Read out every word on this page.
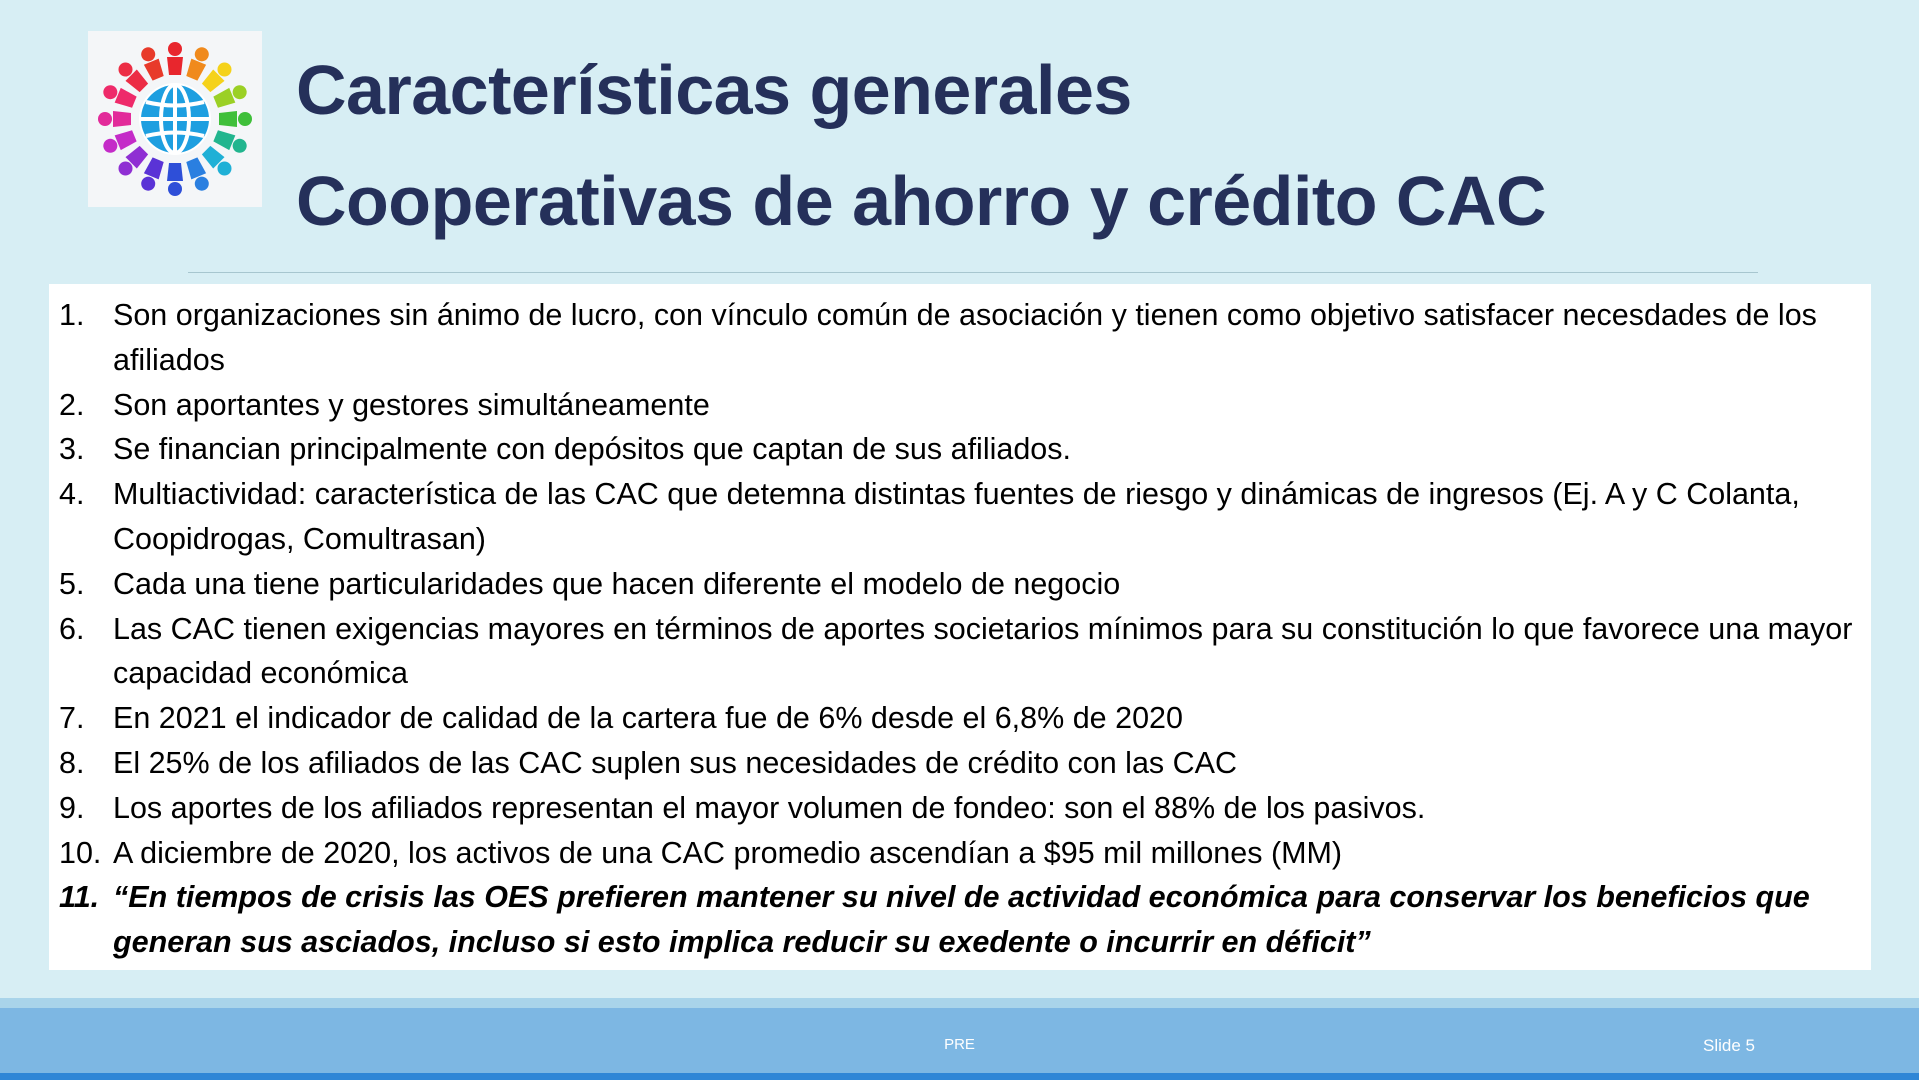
Características generales
Cooperativas de ahorro y crédito CAC
1. Son organizaciones sin ánimo de lucro, con vínculo común de asociación y tienen como objetivo satisfacer necesdades de los afiliados
2. Son aportantes y gestores simultáneamente
3. Se financian principalmente con depósitos que captan de sus afiliados.
4. Multiactividad: característica de las CAC que detemna distintas fuentes de riesgo y dinámicas de ingresos (Ej. A y C Colanta, Coopidrogas, Comultrasan)
5. Cada una tiene particularidades que hacen diferente el modelo de negocio
6. Las CAC tienen exigencias mayores en términos de aportes societarios mínimos para su constitución lo que favorece una mayor capacidad económica
7. En 2021 el indicador de calidad de la cartera fue de 6% desde el 6,8% de 2020
8. El 25% de los afiliados de las CAC suplen sus necesidades de crédito con las CAC
9. Los aportes de los afiliados representan el mayor volumen de fondeo: son el 88% de los pasivos.
10. A diciembre de 2020, los activos de una CAC promedio ascendían a $95 mil millones (MM)
11. “En tiempos de crisis las OES prefieren mantener su nivel de actividad económica para conservar los beneficios que generan sus asciados, incluso si esto implica reducir su exedente o incurrir en déficit”
PRE	Slide 5
